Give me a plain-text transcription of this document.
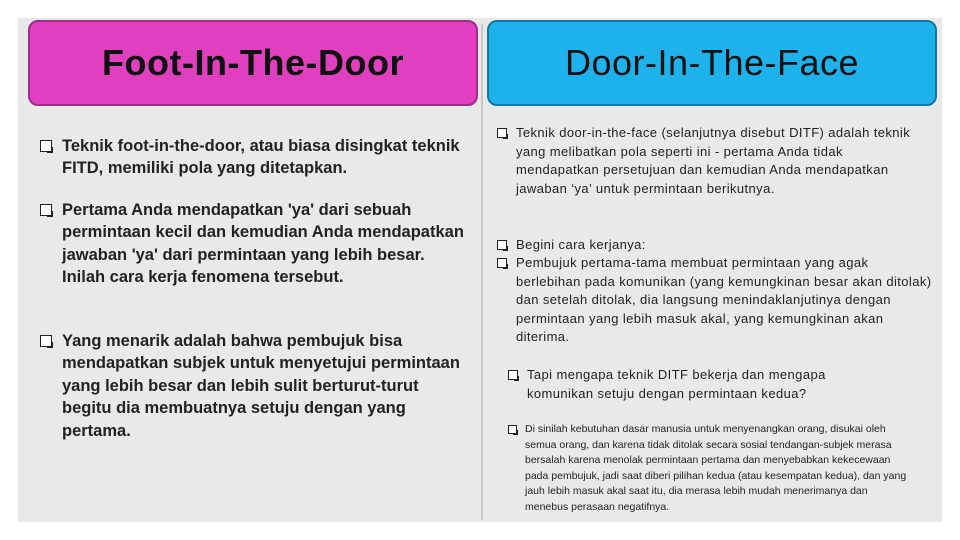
Foot-In-The-Door	Door-In-The-Face
Teknik foot-in-the-door, atau biasa disingkat teknik FITD, memiliki pola yang ditetapkan.
Pertama Anda mendapatkan 'ya' dari sebuah permintaan kecil dan kemudian Anda mendapatkan jawaban 'ya' dari permintaan yang lebih besar. Inilah cara kerja fenomena tersebut.
Yang menarik adalah bahwa pembujuk bisa mendapatkan subjek untuk menyetujui permintaan yang lebih besar dan lebih sulit berturut-turut begitu dia membuatnya setuju dengan yang pertama.
Teknik door-in-the-face (selanjutnya disebut DITF) adalah teknik yang melibatkan pola seperti ini - pertama Anda tidak mendapatkan persetujuan dan kemudian Anda mendapatkan jawaban ‘ya’ untuk permintaan berikutnya.
Begini cara kerjanya:
Pembujuk pertama-tama membuat permintaan yang agak berlebihan pada komunikan (yang kemungkinan besar akan ditolak) dan setelah ditolak, dia langsung menindaklanjutinya dengan permintaan yang lebih masuk akal, yang kemungkinan akan diterima.
Tapi mengapa teknik DITF bekerja dan mengapa komunikan setuju dengan permintaan kedua?
Di sinilah kebutuhan dasar manusia untuk menyenangkan orang, disukai oleh semua orang, dan karena tidak ditolak secara sosial tendangan-subjek merasa bersalah karena menolak permintaan pertama dan menyebabkan kekecewaan pada pembujuk, jadi saat diberi pilihan kedua (atau kesempatan kedua), dan yang jauh lebih masuk akal saat itu, dia merasa lebih mudah menerimanya dan menebus perasaan negatifnya.
